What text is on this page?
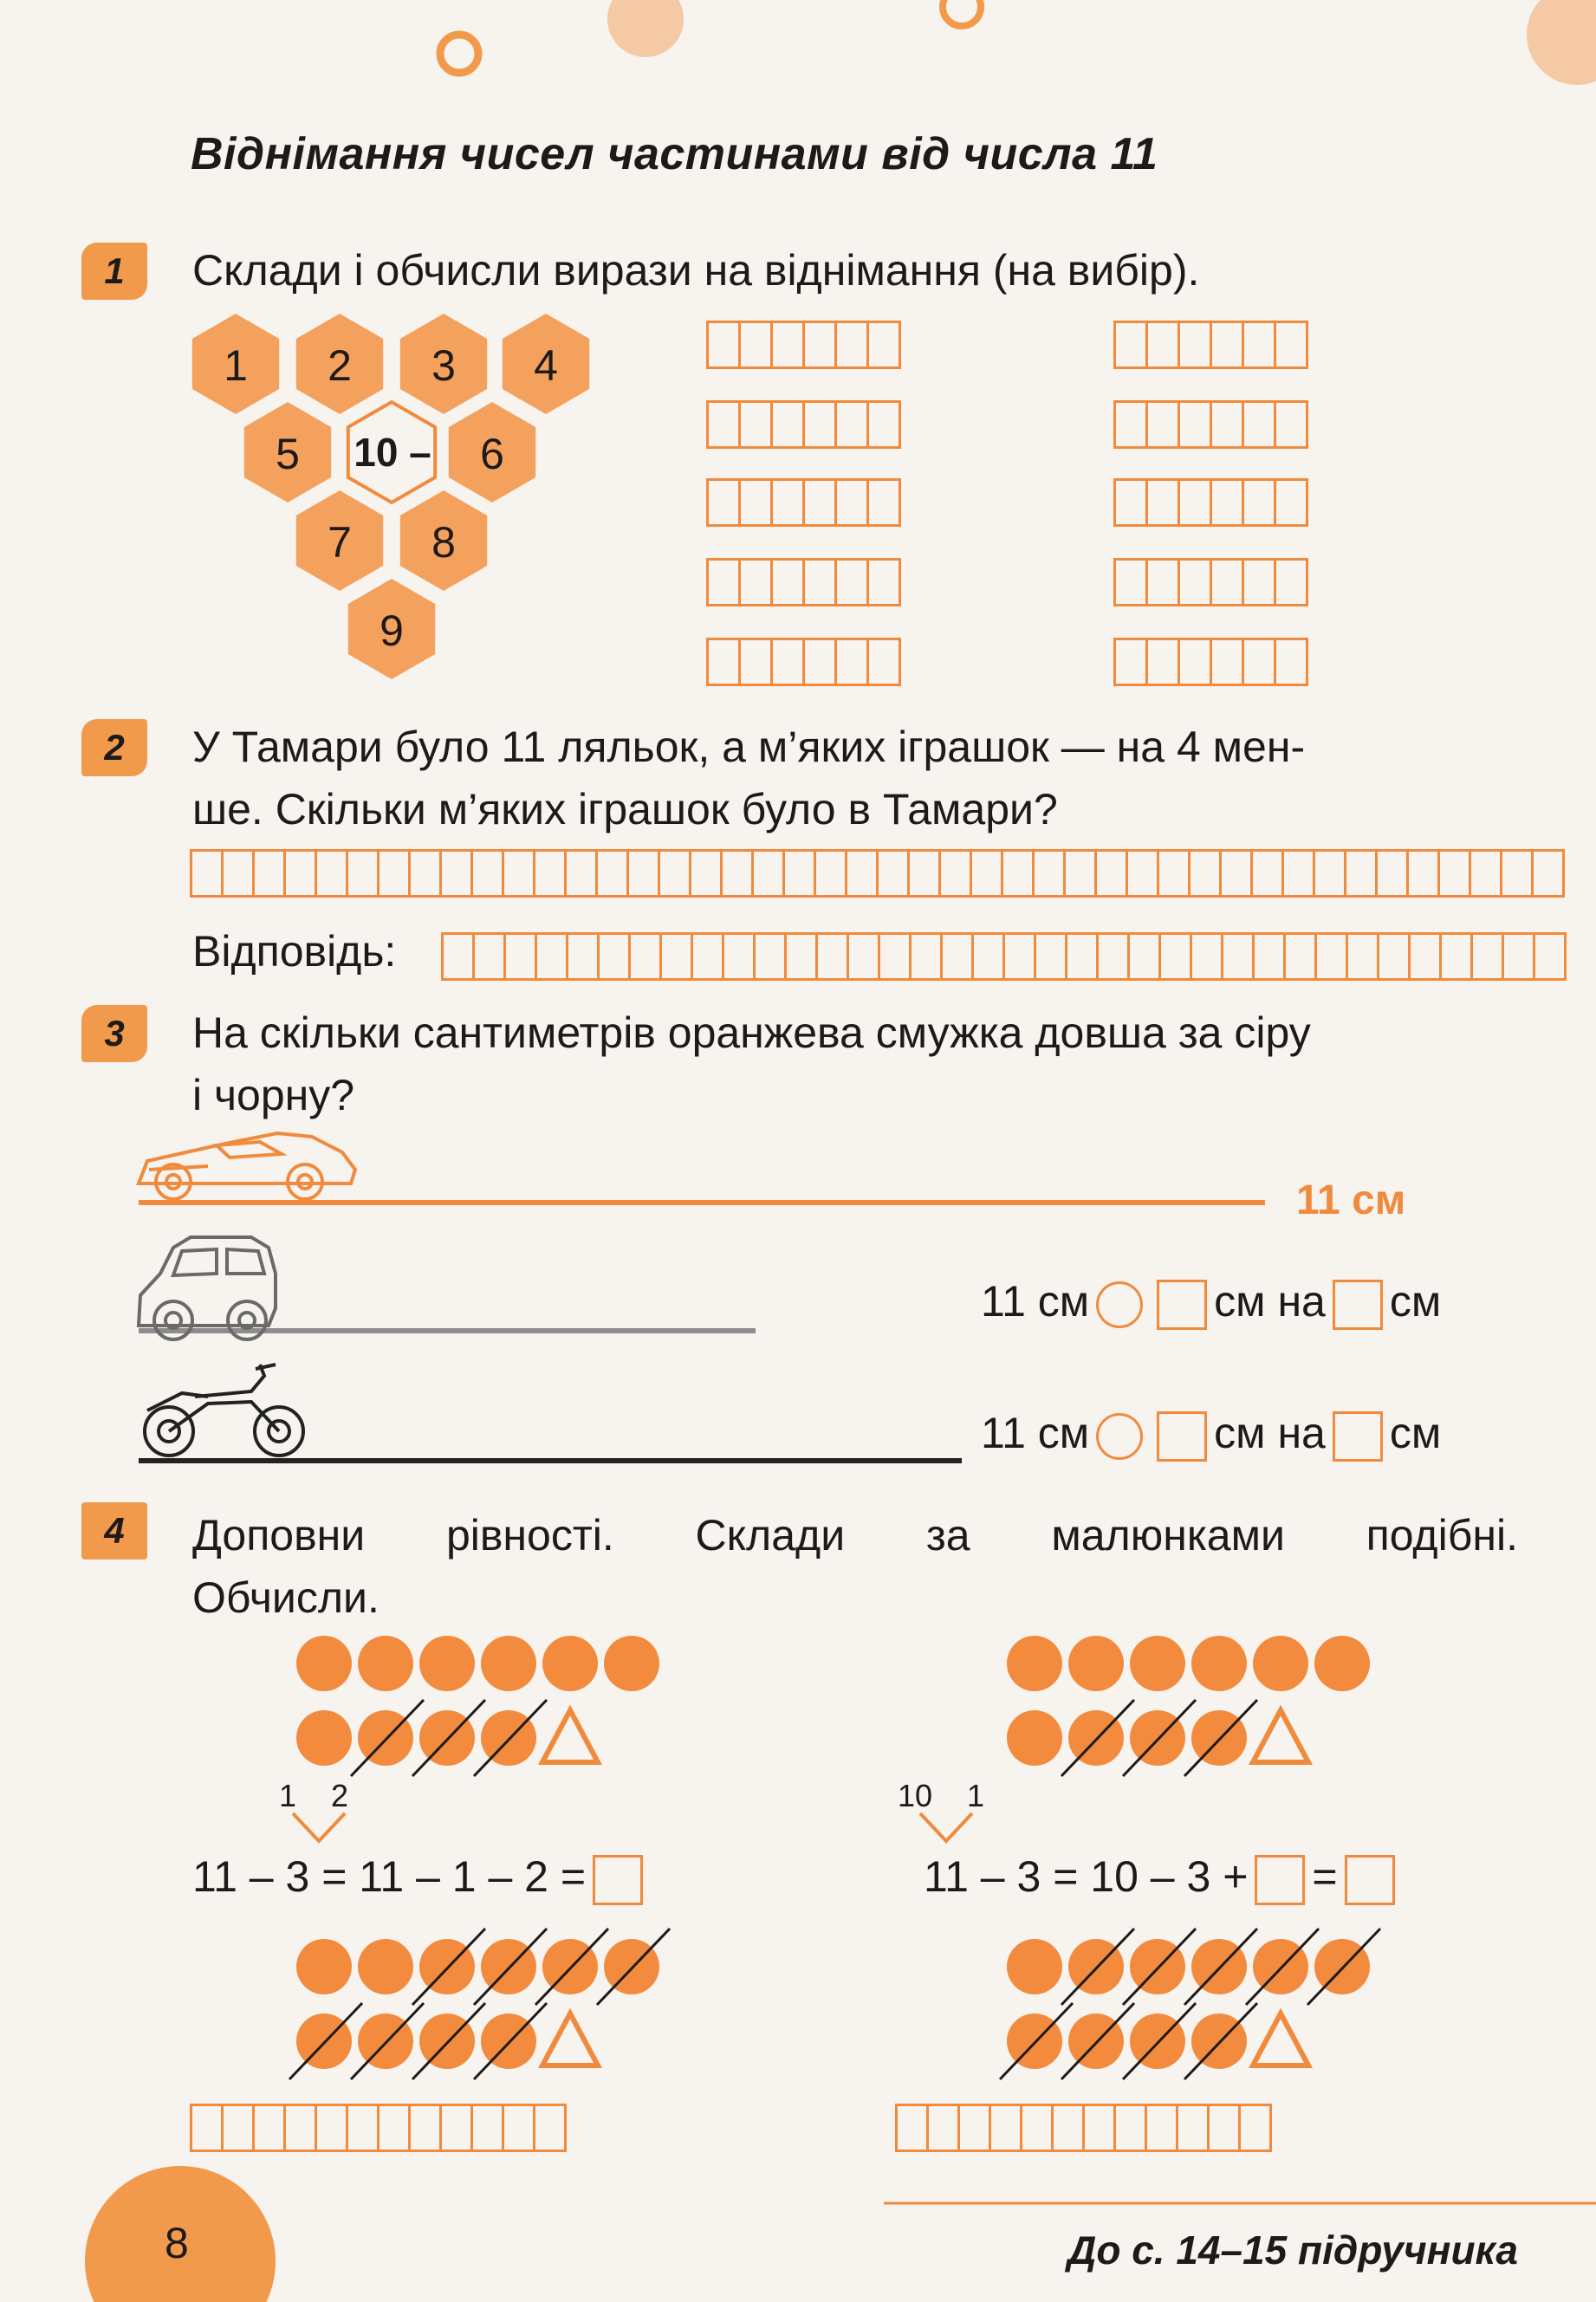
Віднімання чисел частинами від числа 11
1	Склади і обчисли вирази на віднімання (на вибір).
1	2	3	4
5	10 –	6
7	8
9
2	У Тамари було 11 ляльок, а м’яких іграшок — на 4 мен-
ше. Скільки м’яких іграшок було в Тамари?
Відповідь:
3	На скільки сантиметрів оранжева смужка довша за сіру
і чорну?
11 см
11 см	см на см
11 см	см на см
4	Доповни рівності. Склади за малюнками подібні.
Обчисли.
1 2
11 – 3 = 11 – 1 – 2 =
10 1
11 – 3 = 10 – 3 + =
8	До с. 14–15 підручника
